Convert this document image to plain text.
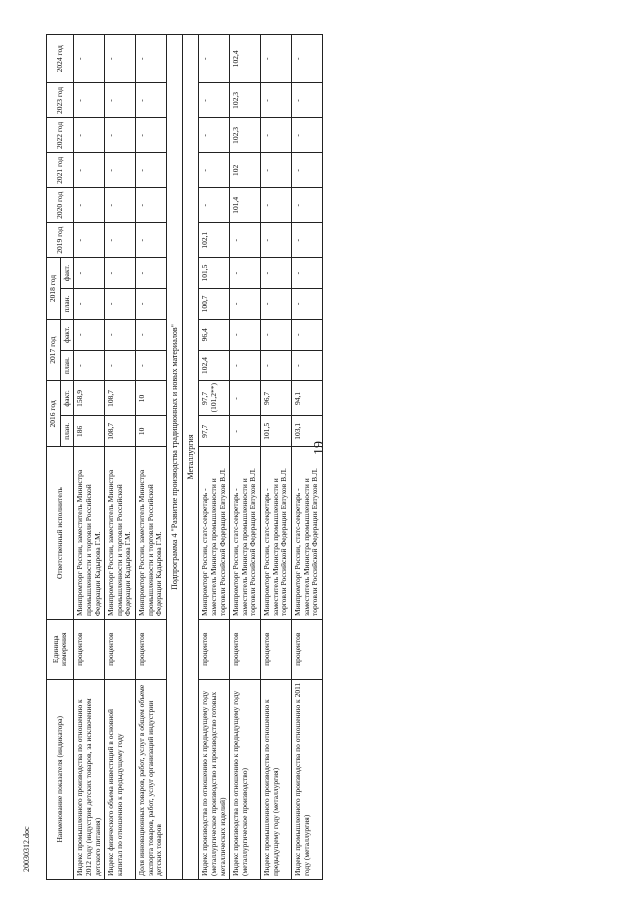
19
Наименование показателя (индикатора)	Единица измерения	Ответственный исполнитель	2016 год		2017 год		2018 год		2019 год	2020 год	2021 год	2022 год	2023 год	2024 год
			план.	факт.	план.	факт.	план.	факт.						
Индекс промышленного производства по отношению к 2012 году (индустрия детских товаров, за исключением детского питания)	процентов	Минпромторг России, заместитель Министра промышленности и торговли Российской Федерации Кадырова Г.М.	186	158,9	-	-	-	-	-	-	-	-	-	-
Индекс физического объема инвестиций в основной капитал по отношению к предыдущему году	процентов	Минпромторг России, заместитель Министра промышленности и торговли Российской Федерации Кадырова Г.М.	108,7	108,7	-	-	-	-	-	-	-	-	-	-
Доля инновационных товаров, работ, услуг в общем объеме экспорта товаров, работ, услуг организаций индустрии детских товаров	процентов	Минпромторг России, заместитель Министра промышленности и торговли Российской Федерации Кадырова Г.М.	10	10	-	-	-	-	-	-	-	-	-	-
Подпрограмма 4 "Развитие производства традиционных и новых материалов"														
Металлургия														
Индекс производства по отношению к предыдущему году (металлургическое производство и производство готовых металлических изделий)	процентов	Минпромторг России, статс-секретарь - заместитель Министра промышленности и торговли Российской Федерации Евтухов В.Л.	97,7	97,7 (101,2**)	102,4	96,4	100,7	101,5	102,1	-	-	-	-	-
Индекс производства по отношению к предыдущему году (металлургическое производство)	процентов	Минпромторг России, статс-секретарь - заместитель Министра промышленности и торговли Российской Федерации Евтухов В.Л.	-	-	-	-	-	-	-	101,4	102	102,3	102,3	102,4
Индекс промышленного производства по отношению к предыдущему году (металлургия)	процентов	Минпромторг России, статс-секретарь - заместитель Министра промышленности и торговли Российской Федерации Евтухов В.Л.	101,5	96,7	-	-	-	-	-	-	-	-	-	-
Индекс промышленного производства по отношению к 2011 году (металлургия)	процентов	Минпромторг России, статс-секретарь - заместитель Министра промышленности и торговли Российской Федерации Евтухов В.Л.	103,1	94,1	-	-	-	-	-	-	-	-	-	-
20030312.doc
